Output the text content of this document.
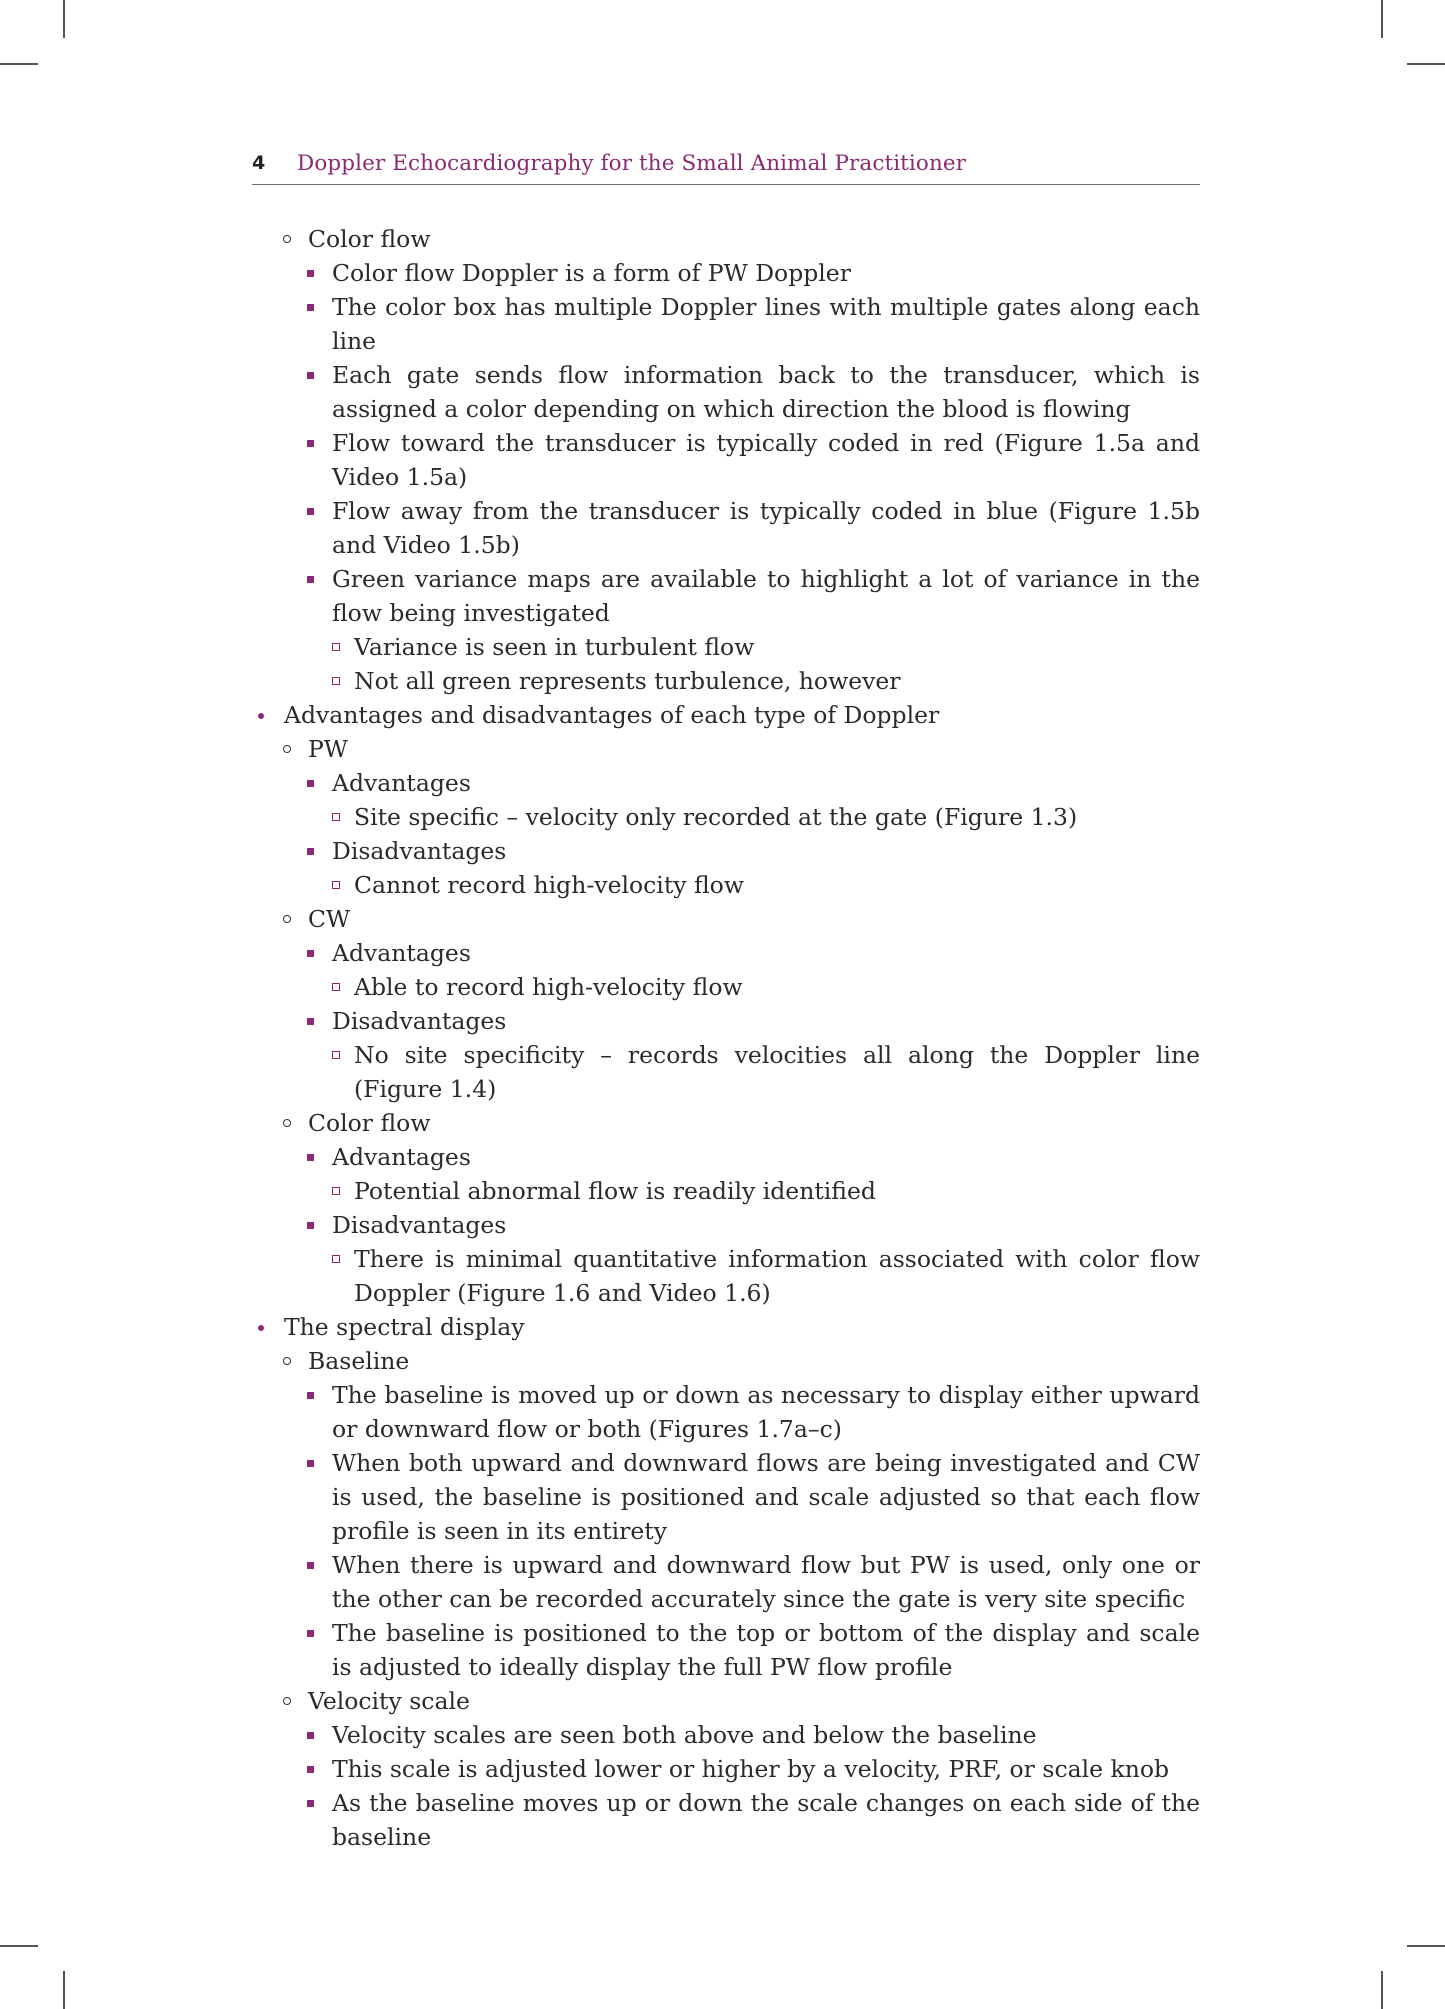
4 Doppler Echocardiography for the Small Animal Practitioner
Color flow
Color flow Doppler is a form of PW Doppler
The color box has multiple Doppler lines with multiple gates along each line
Each gate sends flow information back to the transducer, which is assigned a color depending on which direction the blood is flowing
Flow toward the transducer is typically coded in red (Figure 1.5a and Video 1.5a)
Flow away from the transducer is typically coded in blue (Figure 1.5b and Video 1.5b)
Green variance maps are available to highlight a lot of variance in the flow being investigated
Variance is seen in turbulent flow
Not all green represents turbulence, however
Advantages and disadvantages of each type of Doppler
PW
Advantages
Site specific – velocity only recorded at the gate (Figure 1.3)
Disadvantages
Cannot record high-velocity flow
CW
Advantages
Able to record high-velocity flow
Disadvantages
No site specificity – records velocities all along the Doppler line (Figure 1.4)
Color flow
Advantages
Potential abnormal flow is readily identified
Disadvantages
There is minimal quantitative information associated with color flow Doppler (Figure 1.6 and Video 1.6)
The spectral display
Baseline
The baseline is moved up or down as necessary to display either upward or downward flow or both (Figures 1.7a–c)
When both upward and downward flows are being investigated and CW is used, the baseline is positioned and scale adjusted so that each flow profile is seen in its entirety
When there is upward and downward flow but PW is used, only one or the other can be recorded accurately since the gate is very site specific
The baseline is positioned to the top or bottom of the display and scale is adjusted to ideally display the full PW flow profile
Velocity scale
Velocity scales are seen both above and below the baseline
This scale is adjusted lower or higher by a velocity, PRF, or scale knob
As the baseline moves up or down the scale changes on each side of the baseline
